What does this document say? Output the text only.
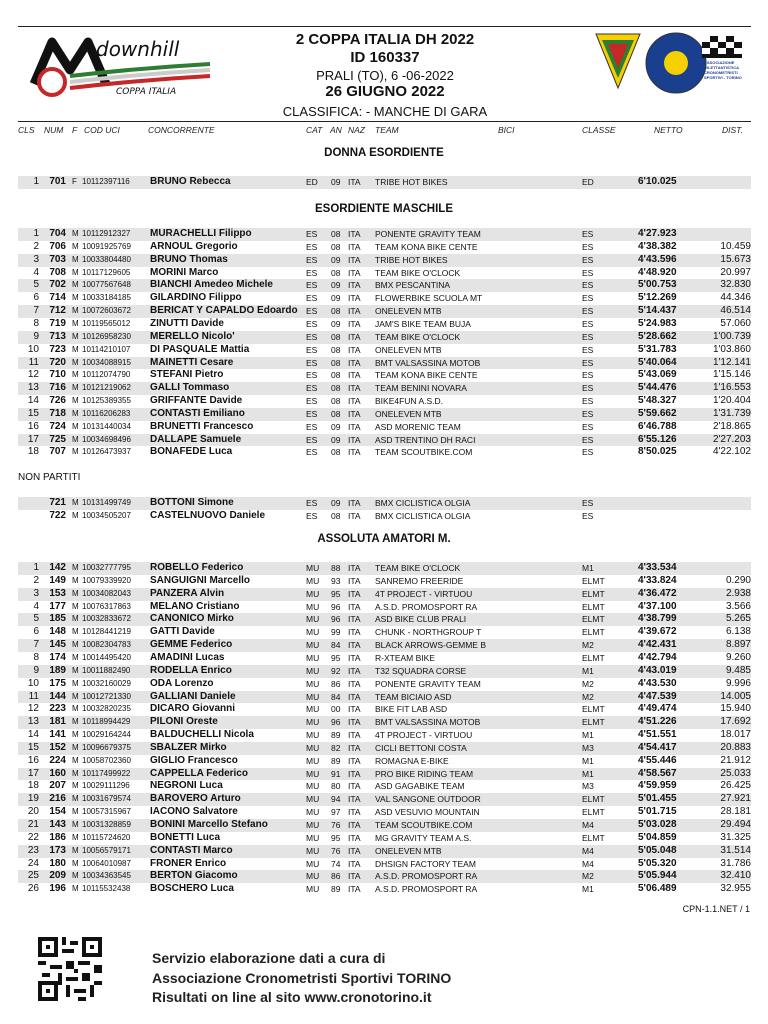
downhill
COPPA ITALIA
ASSOCIAZIONE DILETTANTISTICA CRONOMETRISTI SPORTIVI - TORINO
2 COPPA ITALIA DH 2022
ID 160337
PRALI (TO), 6 -06-2022
26 GIUGNO 2022
CLASSIFICA: - MANCHE DI GARA
CLS NUM F COD UCI	CONCORRENTE	CAT AN NAZ TEAM	BICI	CLASSE	NETTO	DIST.
DONNA ESORDIENTE
ESORDIENTE MASCHILE
NON PARTITI
ASSOLUTA AMATORI M.
1	701 F 10112397116 BRUNO Rebecca	ED 09 ITA TRIBE HOT BIKES	ED	6'10.025
1	704 M 10112912327 MURACHELLI Filippo	ES 08 ITA PONENTE GRAVITY TEAM	ES	4'27.923
2	706 M 10091925769 ARNOUL Gregorio	ES 08 ITA TEAM KONA BIKE CENTE	ES	4'38.382	10.459
3	703 M 10033804480 BRUNO Thomas	ES 09 ITA TRIBE HOT BIKES	ES	4'43.596	15.673
4	708 M 10117129605 MORINI Marco	ES 08 ITA TEAM BIKE O'CLOCK	ES	4'48.920	20.997
5	702 M 10077567648 BIANCHI Amedeo Michele	ES 09 ITA BMX PESCANTINA	ES	5'00.753	32.830
6	714 M 10033184185 GILARDINO Filippo	ES 09 ITA FLOWERBIKE SCUOLA MT	ES	5'12.269	44.346
7	712 M 10072603672 BERICAT Y CAPALDO Edoardo ES 08 ITA ONELEVEN MTB	ES	5'14.437	46.514
8	719 M 10119565012 ZINUTTI Davide	ES 09 ITA JAM'S BIKE TEAM BUJA	ES	5'24.983	57.060
9	713 M 10126958230 MERELLO Nicolo'	ES 08 ITA TEAM BIKE O'CLOCK	ES	5'28.662	1'00.739
10	723 M 10114210107 DI PASQUALE Mattia	ES 08 ITA ONELEVEN MTB	ES	5'31.783	1'03.860
11	720 M 10034088915 MAINETTI Cesare	ES 08 ITA BMT VALSASSINA MOTOB	ES	5'40.064	1'12.141
12	710 M 10112074790 STEFANI Pietro	ES 08 ITA TEAM KONA BIKE CENTE	ES	5'43.069	1'15.146
13	716 M 10121219062 GALLI Tommaso	ES 08 ITA TEAM BENINI NOVARA	ES	5'44.476	1'16.553
14	726 M 10125389355 GRIFFANTE Davide	ES 08 ITA BIKE4FUN A.S.D.	ES	5'48.327	1'20.404
15	718 M 10116206283 CONTASTI Emiliano	ES 08 ITA ONELEVEN MTB	ES	5'59.662	1'31.739
16	724 M 10131440034 BRUNETTI Francesco	ES 09 ITA ASD MORENIC TEAM	ES	6'46.788	2'18.865
17	725 M 10034698496 DALLAPÈ Samuele	ES 09 ITA ASD TRENTINO DH RACI	ES	6'55.126	2'27.203
18	707 M 10126473937 BONAFEDE Luca	ES 08 ITA TEAM SCOUTBIKE.COM	ES	8'50.025	4'22.102
721 M 10131499749 BOTTONI Simone	ES 09 ITA BMX CICLISTICA OLGIA	ES
722 M 10034505207 CASTELNUOVO Daniele	ES 08 ITA BMX CICLISTICA OLGIA	ES
1	142 M 10032777795 ROBELLO Federico	MU 88 ITA TEAM BIKE O'CLOCK	M1	4'33.534
2	149 M 10079339920 SANGUIGNI Marcello	MU 93 ITA SANREMO FREERIDE	ELMT	4'33.824	0.290
3	153 M 10034082043 PANZERA Alvin	MU 95 ITA 4T PROJECT - VIRTUOU	ELMT	4'36.472	2.938
4	177 M 10076317863 MELANO Cristiano	MU 96 ITA A.S.D. PROMOSPORT RA	ELMT	4'37.100	3.566
5	185 M 10032833672 CANONICO Mirko	MU 96 ITA ASD BIKE CLUB PRALI	ELMT	4'38.799	5.265
6	148 M 10128441219 GATTI Davide	MU 99 ITA CHUNK - NORTHGROUP T	ELMT	4'39.672	6.138
7	145 M 10082304783 GEMME Federico	MU 84 ITA BLACK ARROWS-GEMME B	M2	4'42.431	8.897
8	174 M 10014495420 AMADINI Lucas	MU 95 ITA R-XTEAM BIKE	ELMT	4'42.794	9.260
9	189 M 10011882490 RODELLA Enrico	MU 92 ITA T32 SQUADRA CORSE	M1	4'43.019	9.485
10	175 M 10032160029 ODA Lorenzo	MU 86 ITA PONENTE GRAVITY TEAM	M2	4'43.530	9.996
11	144 M 10012721330 GALLIANI Daniele	MU 84 ITA TEAM BICIAIO ASD	M2	4'47.539	14.005
12	223 M 10032820235 DICARO Giovanni	MU 00 ITA BIKE FIT LAB ASD	ELMT	4'49.474	15.940
13	181 M 10118994429 PILONI Oreste	MU 96 ITA BMT VALSASSINA MOTOB	ELMT	4'51.226	17.692
14	141 M 10029164244 BALDUCHELLI Nicola	MU 89 ITA 4T PROJECT - VIRTUOU	M1	4'51.551	18.017
15	152 M 10096679375 SBALZER Mirko	MU 82 ITA CICLI BETTONI COSTA	M3	4'54.417	20.883
16	224 M 10058702360 GIGLIO Francesco	MU 89 ITA ROMAGNA E-BIKE	M1	4'55.446	21.912
17	160 M 10117499922 CAPPELLA Federico	MU 91 ITA PRO BIKE RIDING TEAM	M1	4'58.567	25.033
18	207 M 10029111296 NEGRONI Luca	MU 80 ITA ASD GAGABIKE TEAM	M3	4'59.959	26.425
19	216 M 10031679574 BAROVERO Arturo	MU 94 ITA VAL SANGONE OUTDOOR	ELMT	5'01.455	27.921
20	154 M 10057315967 IACONO Salvatore	MU 97 ITA ASD VESUVIO MOUNTAIN	ELMT	5'01.715	28.181
21	143 M 10031328859 BONINI Marcello Stefano	MU 76 ITA TEAM SCOUTBIKE.COM	M4	5'03.028	29.494
22	186 M 10115724620 BONETTI Luca	MU 95 ITA MG GRAVITY TEAM A.S.	ELMT	5'04.859	31.325
23	173 M 10056579171 CONTASTI Marco	MU 76 ITA ONELEVEN MTB	M4	5'05.048	31.514
24	180 M 10064010987 FRONER Enrico	MU 74 ITA DHSIGN FACTORY TEAM	M4	5'05.320	31.786
25	209 M 10034363545 BERTON Giacomo	MU 86 ITA A.S.D. PROMOSPORT RA	M2	5'05.944	32.410
26	196 M 10115532438 BOSCHERO Luca	MU 89 ITA A.S.D. PROMOSPORT RA	M1	5'06.489	32.955
CPN-1.1.NET / 1
Servizio elaborazione dati a cura di
Associazione Cronometristi Sportivi TORINO
Risultati on line al sito www.cronotorino.it
